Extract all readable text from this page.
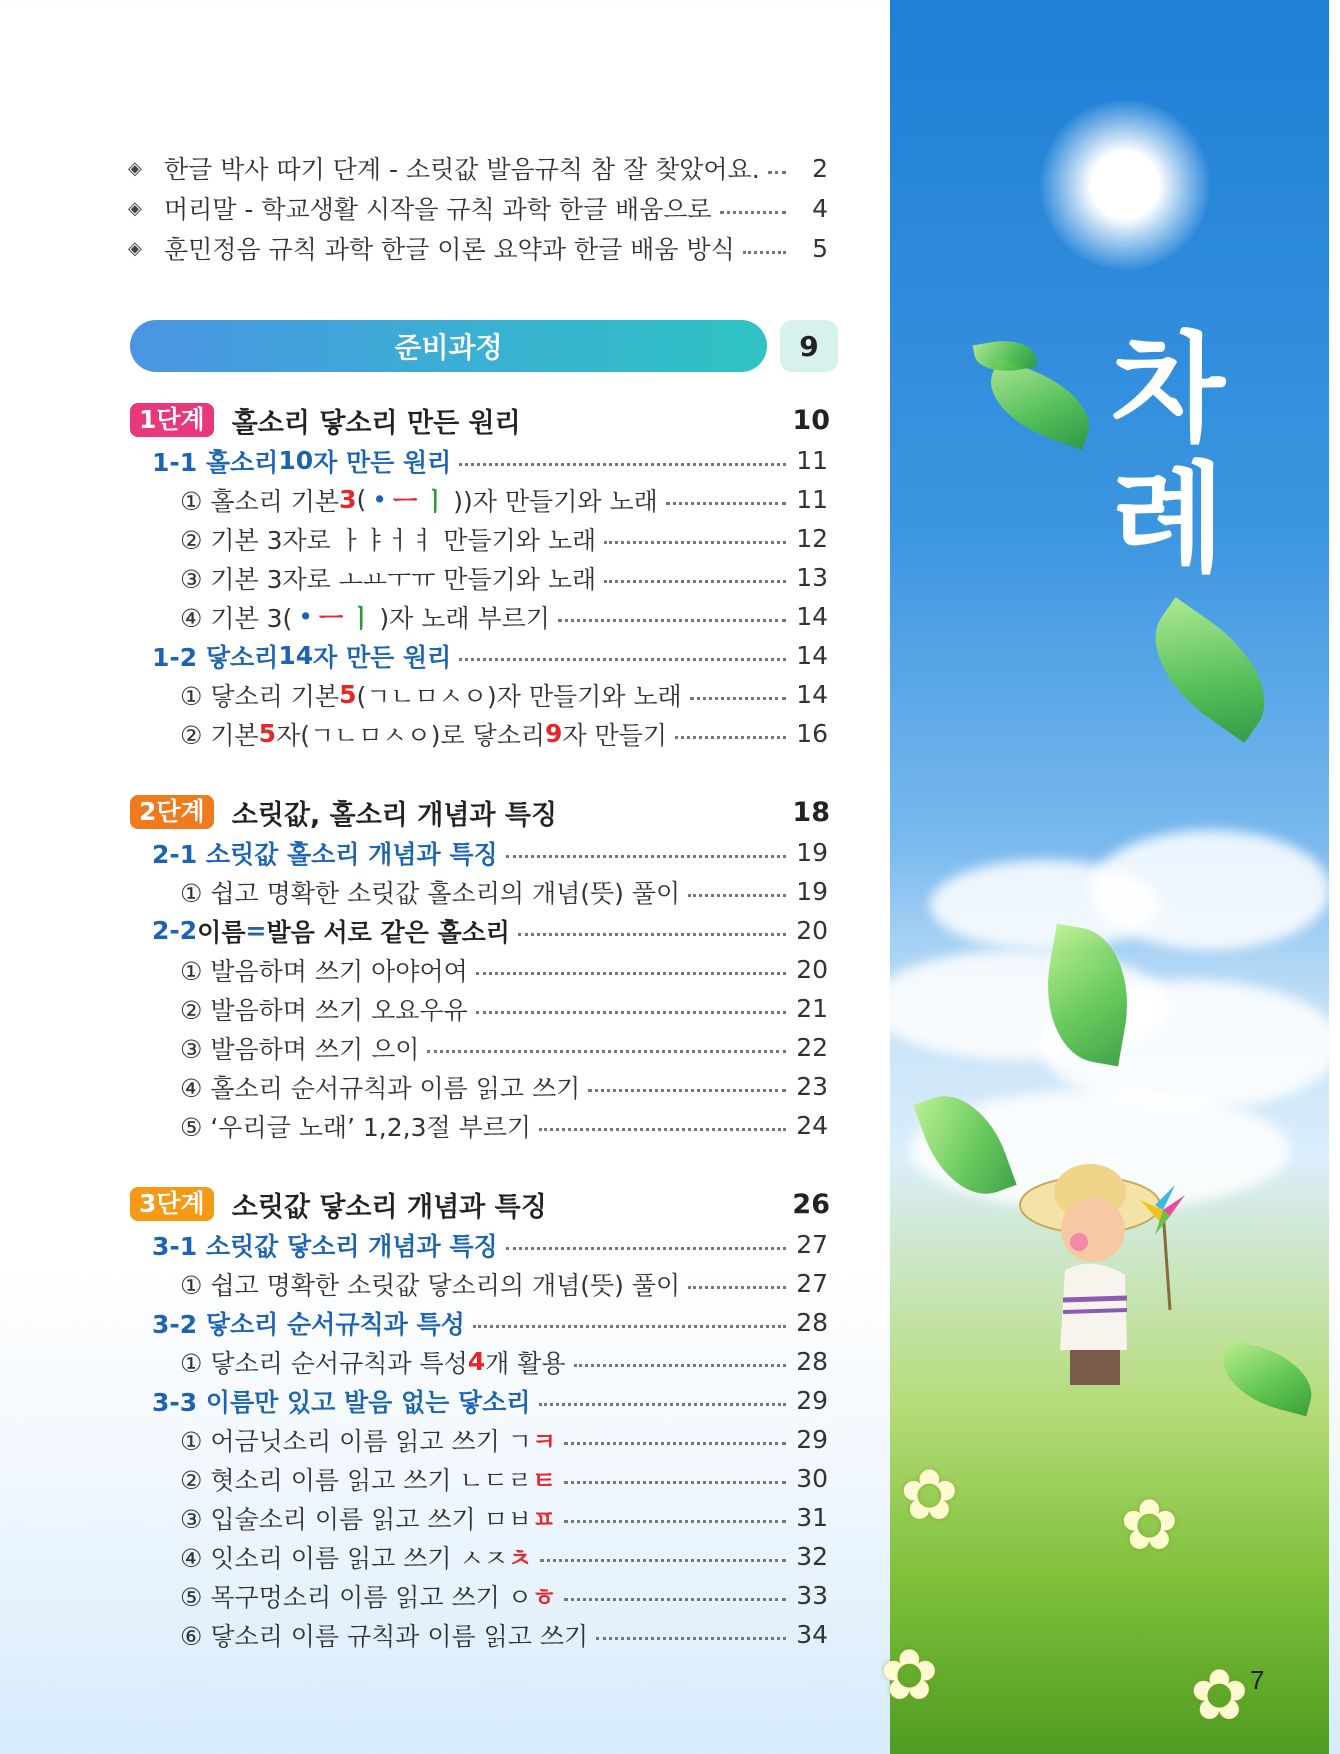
차
례
✿ ✿
✿	✿ 7
◈ 한글 박사 따기 단계 - 소릿값 발음규칙 참 잘 찾았어요.	2
◈ 머리말 - 학교생활 시작을 규칙 과학 한글 배움으로	4
◈ 훈민정음 규칙 과학 한글 이론 요약과 한글 배움 방식	5
준비과정	9
1단계	홀소리 닿소리 만든 원리	10
1-1 홀소리 10 자 만든 원리	11
① 홀소리 기본 3 ( • ㅡ ㅣ ))자 만들기와 노래	11
② 기본 3자로 ㅏㅑㅓㅕ 만들기와 노래	12
③ 기본 3자로 ㅗㅛㅜㅠ 만들기와 노래	13
④ 기본 3( • ㅡ ㅣ )자 노래 부르기	14
1-2 닿소리 14 자 만든 원리	14
① 닿소리 기본 5 (ㄱㄴㅁㅅㅇ)자 만들기와 노래	14
② 기본 5 자(ㄱㄴㅁㅅㅇ)로 닿소리 9 자 만들기	16
2단계	소릿값, 홀소리 개념과 특징	18
2-1 소릿값 홀소리 개념과 특징	19
① 쉽고 명확한 소릿값 홀소리의 개념(뜻) 풀이	19
2-2 이름 = 발음 서로 같은 홀소리	20
① 발음하며 쓰기 아야어여	20
② 발음하며 쓰기 오요우유	21
③ 발음하며 쓰기 으이	22
④ 홀소리 순서규칙과 이름 읽고 쓰기	23
⑤ ‘우리글 노래’ 1,2,3절 부르기	24
3단계	소릿값 닿소리 개념과 특징	26
3-1 소릿값 닿소리 개념과 특징	27
① 쉽고 명확한 소릿값 닿소리의 개념(뜻) 풀이	27
3-2 닿소리 순서규칙과 특성	28
① 닿소리 순서규칙과 특성 4 개 활용	28
3-3 이름만 있고 발음 없는 닿소리	29
① 어금닛소리 이름 읽고 쓰기 ㄱ ㅋ	29
② 혓소리 이름 읽고 쓰기 ㄴㄷㄹ ㅌ	30
③ 입술소리 이름 읽고 쓰기 ㅁㅂ ㅍ	31
④ 잇소리 이름 읽고 쓰기 ㅅㅈ ㅊ	32
⑤ 목구멍소리 이름 읽고 쓰기 ㅇ ㅎ	33
⑥ 닿소리 이름 규칙과 이름 읽고 쓰기	34
